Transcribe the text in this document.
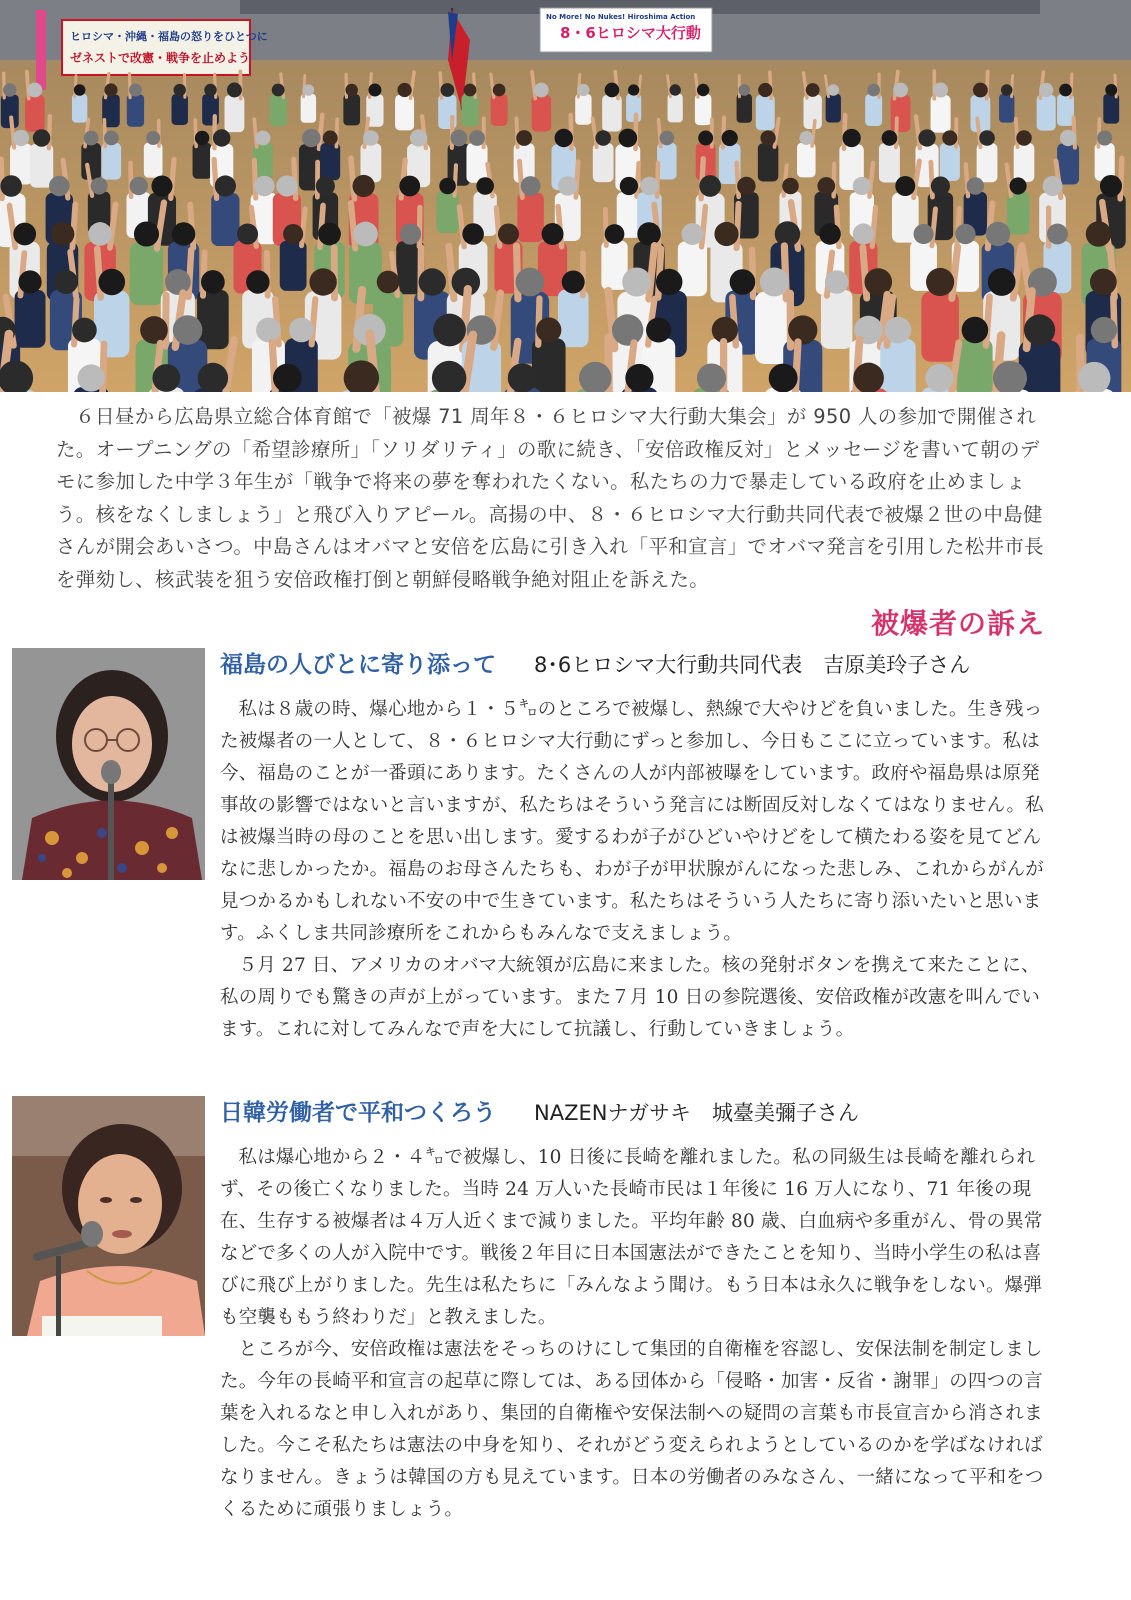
ヒロシマ・沖縄・福島の怒りをひとつに
ゼネストで改憲・戦争を止めよう
No More! No Nukes! Hiroshima Action
8・6ヒロシマ大行動
６日昼から広島県立総合体育館で「被爆 71 周年８・６ヒロシマ大行動大集会」が 950 人の参加で開催された。オープニングの「希望診療所」「ソリダリティ」の歌に続き、「安倍政権反対」とメッセージを書いて朝のデモに参加した中学３年生が「戦争で将来の夢を奪われたくない。私たちの力で暴走している政府を止めましょう。核をなくしましょう」と飛び入りアピール。高揚の中、８・６ヒロシマ大行動共同代表で被爆２世の中島健さんが開会あいさつ。中島さんはオバマと安倍を広島に引き入れ「平和宣言」でオバマ発言を引用した松井市長を弾劾し、核武装を狙う安倍政権打倒と朝鮮侵略戦争絶対阻止を訴えた。
被爆者の訴え
福島の人びとに寄り添って 8･6ヒロシマ大行動共同代表　吉原美玲子さん

私は８歳の時、爆心地から１・５㌔のところで被爆し、熱線で大やけどを負いました。生き残った被爆者の一人として、８・６ヒロシマ大行動にずっと参加し、今日もここに立っています。私は今、福島のことが一番頭にあります。たくさんの人が内部被曝をしています。政府や福島県は原発事故の影響ではないと言いますが、私たちはそういう発言には断固反対しなくてはなりません。私は被爆当時の母のことを思い出します。愛するわが子がひどいやけどをして横たわる姿を見てどんなに悲しかったか。福島のお母さんたちも、わが子が甲状腺がんになった悲しみ、これからがんが見つかるかもしれない不安の中で生きています。私たちはそういう人たちに寄り添いたいと思います。ふくしま共同診療所をこれからもみんなで支えましょう。

５月 27 日、アメリカのオバマ大統領が広島に来ました。核の発射ボタンを携えて来たことに、私の周りでも驚きの声が上がっています。また７月 10 日の参院選後、安倍政権が改憲を叫んでいます。これに対してみんなで声を大にして抗議し、行動していきましょう。

日韓労働者で平和つくろう NAZENナガサキ　城臺美彌子さん

私は爆心地から２・４㌔で被爆し、10 日後に長崎を離れました。私の同級生は長崎を離れられず、その後亡くなりました。当時 24 万人いた長崎市民は１年後に 16 万人になり、71 年後の現在、生存する被爆者は４万人近くまで減りました。平均年齢 80 歳、白血病や多重がん、骨の異常などで多くの人が入院中です。戦後２年目に日本国憲法ができたことを知り、当時小学生の私は喜びに飛び上がりました。先生は私たちに「みんなよう聞け。もう日本は永久に戦争をしない。爆弾も空襲ももう終わりだ」と教えました。

ところが今、安倍政権は憲法をそっちのけにして集団的自衛権を容認し、安保法制を制定しました。今年の長崎平和宣言の起草に際しては、ある団体から「侵略・加害・反省・謝罪」の四つの言葉を入れるなと申し入れがあり、集団的自衛権や安保法制への疑問の言葉も市長宣言から消されました。今こそ私たちは憲法の中身を知り、それがどう変えられようとしているのかを学ばなければなりません。きょうは韓国の方も見えています。日本の労働者のみなさん、一緒になって平和をつくるために頑張りましょう。
